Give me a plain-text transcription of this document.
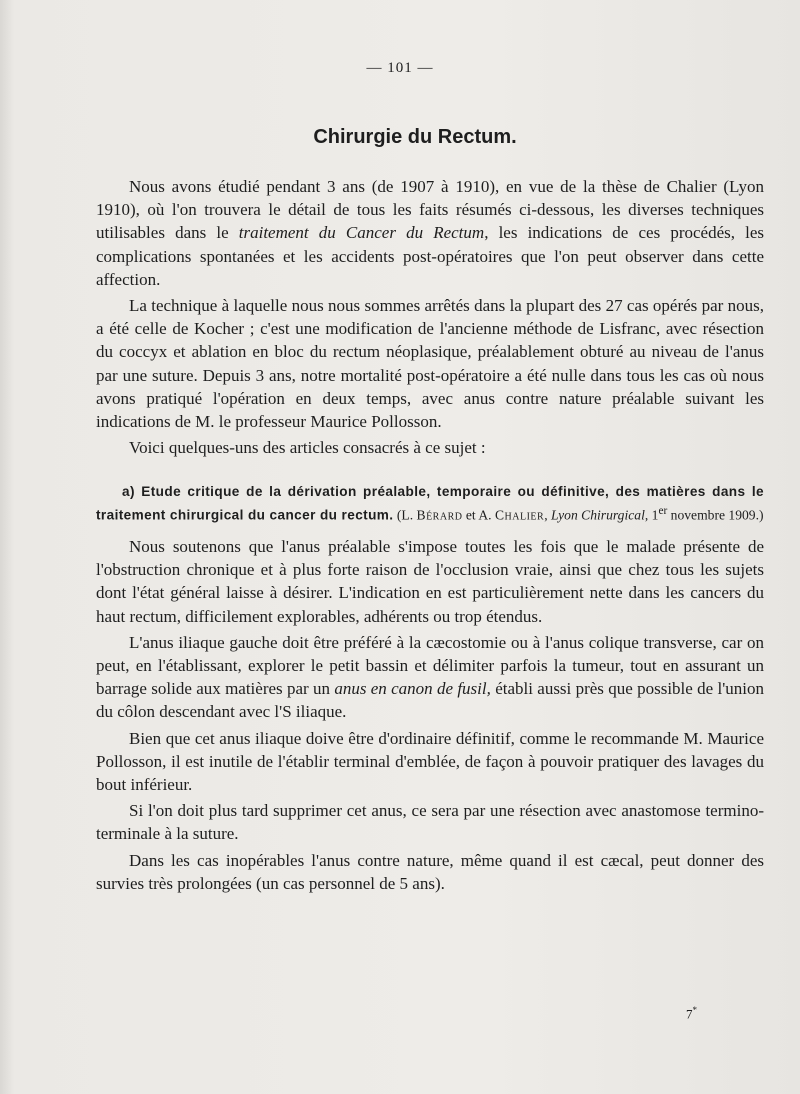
— 101 —
Chirurgie du Rectum.

Nous avons étudié pendant 3 ans (de 1907 à 1910), en vue de la thèse de Chalier (Lyon 1910), où l'on trouvera le détail de tous les faits résumés ci-dessous, les diverses techniques utilisables dans le traitement du Cancer du Rectum, les indications de ces procédés, les complications spontanées et les accidents post-opératoires que l'on peut observer dans cette affection.

La technique à laquelle nous nous sommes arrêtés dans la plupart des 27 cas opérés par nous, a été celle de Kocher ; c'est une modification de l'ancienne méthode de Lisfranc, avec résection du coccyx et ablation en bloc du rectum néoplasique, préalablement obturé au niveau de l'anus par une suture. Depuis 3 ans, notre mortalité post-opératoire a été nulle dans tous les cas où nous avons pratiqué l'opération en deux temps, avec anus contre nature préalable suivant les indications de M. le professeur Maurice Pollosson.

Voici quelques-uns des articles consacrés à ce sujet :

a) Etude critique de la dérivation préalable, temporaire ou définitive, des matières dans le traitement chirurgical du cancer du rectum. (L. Bérard et A. Chalier, Lyon Chirurgical, 1er novembre 1909.)

Nous soutenons que l'anus préalable s'impose toutes les fois que le malade présente de l'obstruction chronique et à plus forte raison de l'occlusion vraie, ainsi que chez tous les sujets dont l'état général laisse à désirer. L'indication en est particulièrement nette dans les cancers du haut rectum, difficilement explorables, adhérents ou trop étendus.

L'anus iliaque gauche doit être préféré à la cæcostomie ou à l'anus colique transverse, car on peut, en l'établissant, explorer le petit bassin et délimiter parfois la tumeur, tout en assurant un barrage solide aux matières par un anus en canon de fusil, établi aussi près que possible de l'union du côlon descendant avec l'S iliaque.

Bien que cet anus iliaque doive être d'ordinaire définitif, comme le recommande M. Maurice Pollosson, il est inutile de l'établir terminal d'emblée, de façon à pouvoir pratiquer des lavages du bout inférieur.

Si l'on doit plus tard supprimer cet anus, ce sera par une résection avec anastomose termino-terminale à la suture.

Dans les cas inopérables l'anus contre nature, même quand il est cæcal, peut donner des survies très prolongées (un cas personnel de 5 ans).

7*
